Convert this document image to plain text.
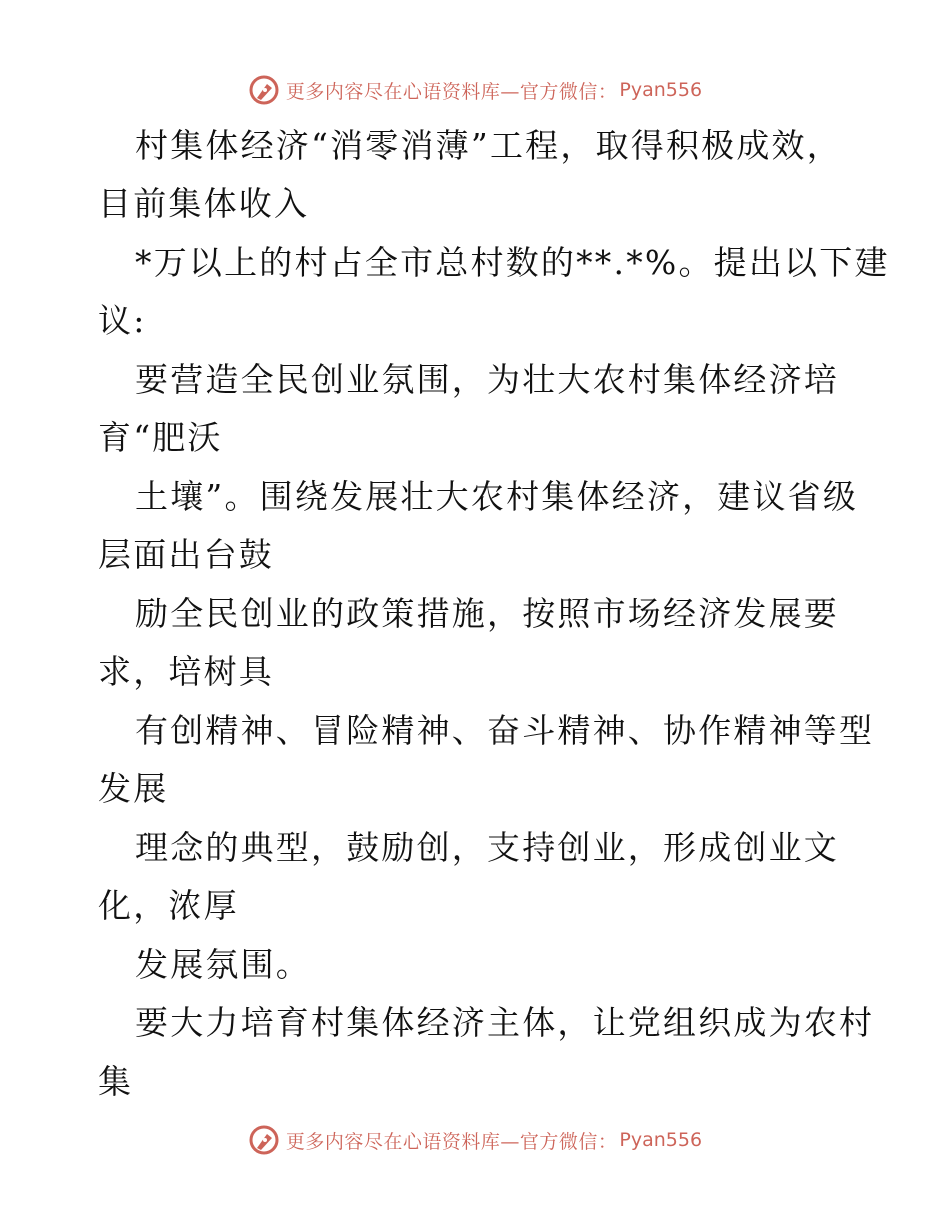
更多内容尽在心语资料库—官方微信： Pyan556
村集体经济“消零消薄”工程，取得积极成效，
目前集体收入
*万以上的村占全市总村数的**.*%。提出以下建
议:
要营造全民创业氛围，为壮大农村集体经济培
育“肥沃
土壤”。围绕发展壮大农村集体经济，建议省级
层面出台鼓
励全民创业的政策措施，按照市场经济发展要
求，培树具
有创精神、冒险精神、奋斗精神、协作精神等型
发展
理念的典型，鼓励创，支持创业，形成创业文
化，浓厚
发展氛围。
要大力培育村集体经济主体，让党组织成为农村
集
更多内容尽在心语资料库—官方微信： Pyan556
